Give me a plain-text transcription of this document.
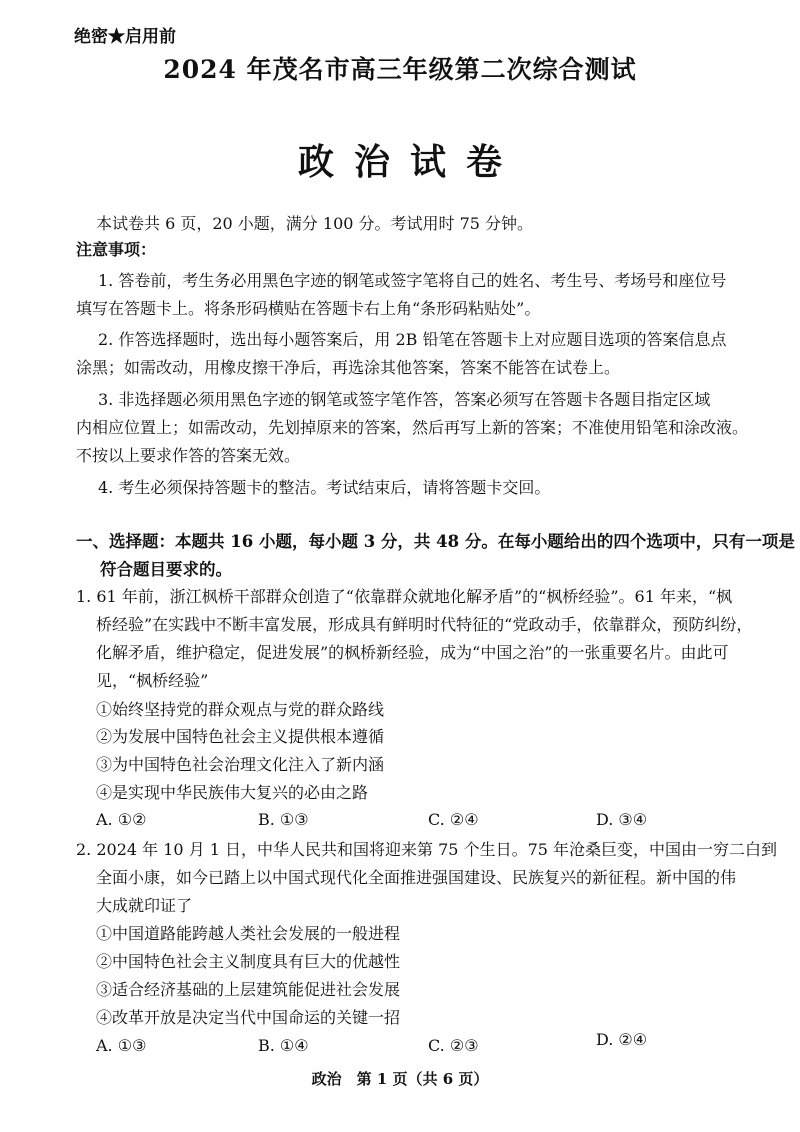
绝密★启用前
2024 年茂名市高三年级第二次综合测试
政治试卷
本试卷共 6 页，20 小题，满分 100 分。考试用时 75 分钟。
注意事项：
1. 答卷前，考生务必用黑色字迹的钢笔或签字笔将自己的姓名、考生号、考场号和座位号
填写在答题卡上。将条形码横贴在答题卡右上角“条形码粘贴处”。
2. 作答选择题时，选出每小题答案后，用 2B 铅笔在答题卡上对应题目选项的答案信息点
涂黑；如需改动，用橡皮擦干净后，再选涂其他答案，答案不能答在试卷上。
3. 非选择题必须用黑色字迹的钢笔或签字笔作答，答案必须写在答题卡各题目指定区域
内相应位置上；如需改动，先划掉原来的答案，然后再写上新的答案；不准使用铅笔和涂改液。
不按以上要求作答的答案无效。
4. 考生必须保持答题卡的整洁。考试结束后，请将答题卡交回。
一、选择题：本题共 16 小题，每小题 3 分，共 48 分。在每小题给出的四个选项中，只有一项是
符合题目要求的。
1. 61 年前，浙江枫桥干部群众创造了“依靠群众就地化解矛盾”的“枫桥经验”。61 年来，“枫
桥经验”在实践中不断丰富发展，形成具有鲜明时代特征的“党政动手，依靠群众，预防纠纷，
化解矛盾，维护稳定，促进发展”的枫桥新经验，成为“中国之治”的一张重要名片。由此可
见，“枫桥经验”
①始终坚持党的群众观点与党的群众路线
②为发展中国特色社会主义提供根本遵循
③为中国特色社会治理文化注入了新内涵
④是实现中华民族伟大复兴的必由之路
A. ①②	B. ①③	C. ②④	D. ③④
2. 2024 年 10 月 1 日，中华人民共和国将迎来第 75 个生日。75 年沧桑巨变，中国由一穷二白到
全面小康，如今已踏上以中国式现代化全面推进强国建设、民族复兴的新征程。新中国的伟
大成就印证了
①中国道路能跨越人类社会发展的一般进程
②中国特色社会主义制度具有巨大的优越性
③适合经济基础的上层建筑能促进社会发展
④改革开放是决定当代中国命运的关键一招
A. ①③	B. ①④	C. ②③	D. ②④
政治　第 1 页（共 6 页）
